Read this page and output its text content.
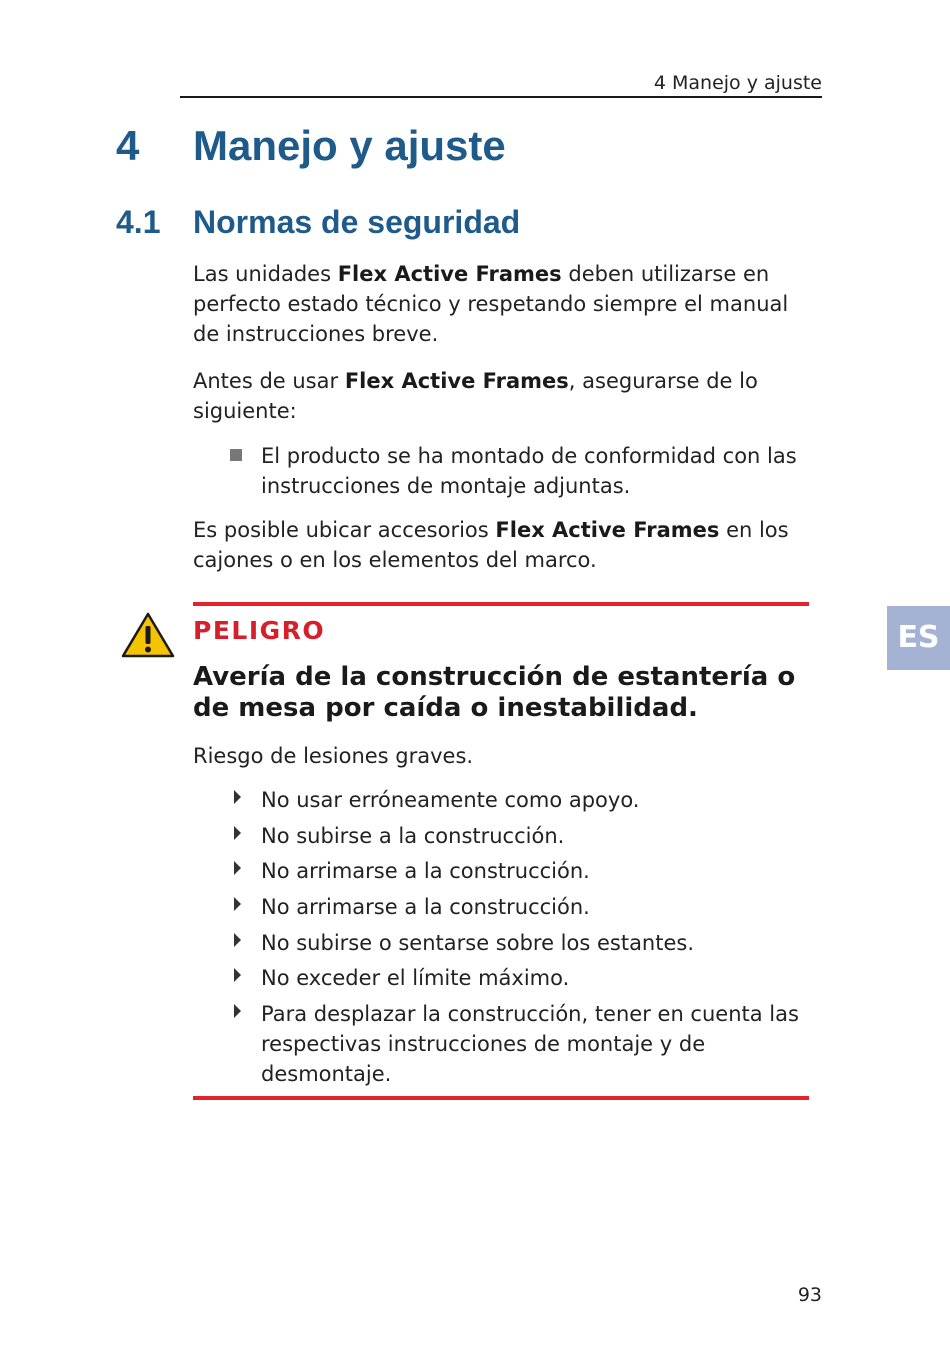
4 Manejo y ajuste
4 Manejo y ajuste
4.1 Normas de seguridad
Las unidades Flex Active Frames deben utilizarse en perfecto estado técnico y respetando siempre el manual de instrucciones breve.
Antes de usar Flex Active Frames, asegurarse de lo siguiente:
El producto se ha montado de conformidad con las instrucciones de montaje adjuntas.
Es posible ubicar accesorios Flex Active Frames en los cajones o en los elementos del marco.
PELIGRO
Avería de la construcción de estantería o de mesa por caída o inestabilidad.
Riesgo de lesiones graves.
No usar erróneamente como apoyo.
No subirse a la construcción.
No arrimarse a la construcción.
No arrimarse a la construcción.
No subirse o sentarse sobre los estantes.
No exceder el límite máximo.
Para desplazar la construcción, tener en cuenta las respectivas instrucciones de montaje y de desmontaje.
ES
93
